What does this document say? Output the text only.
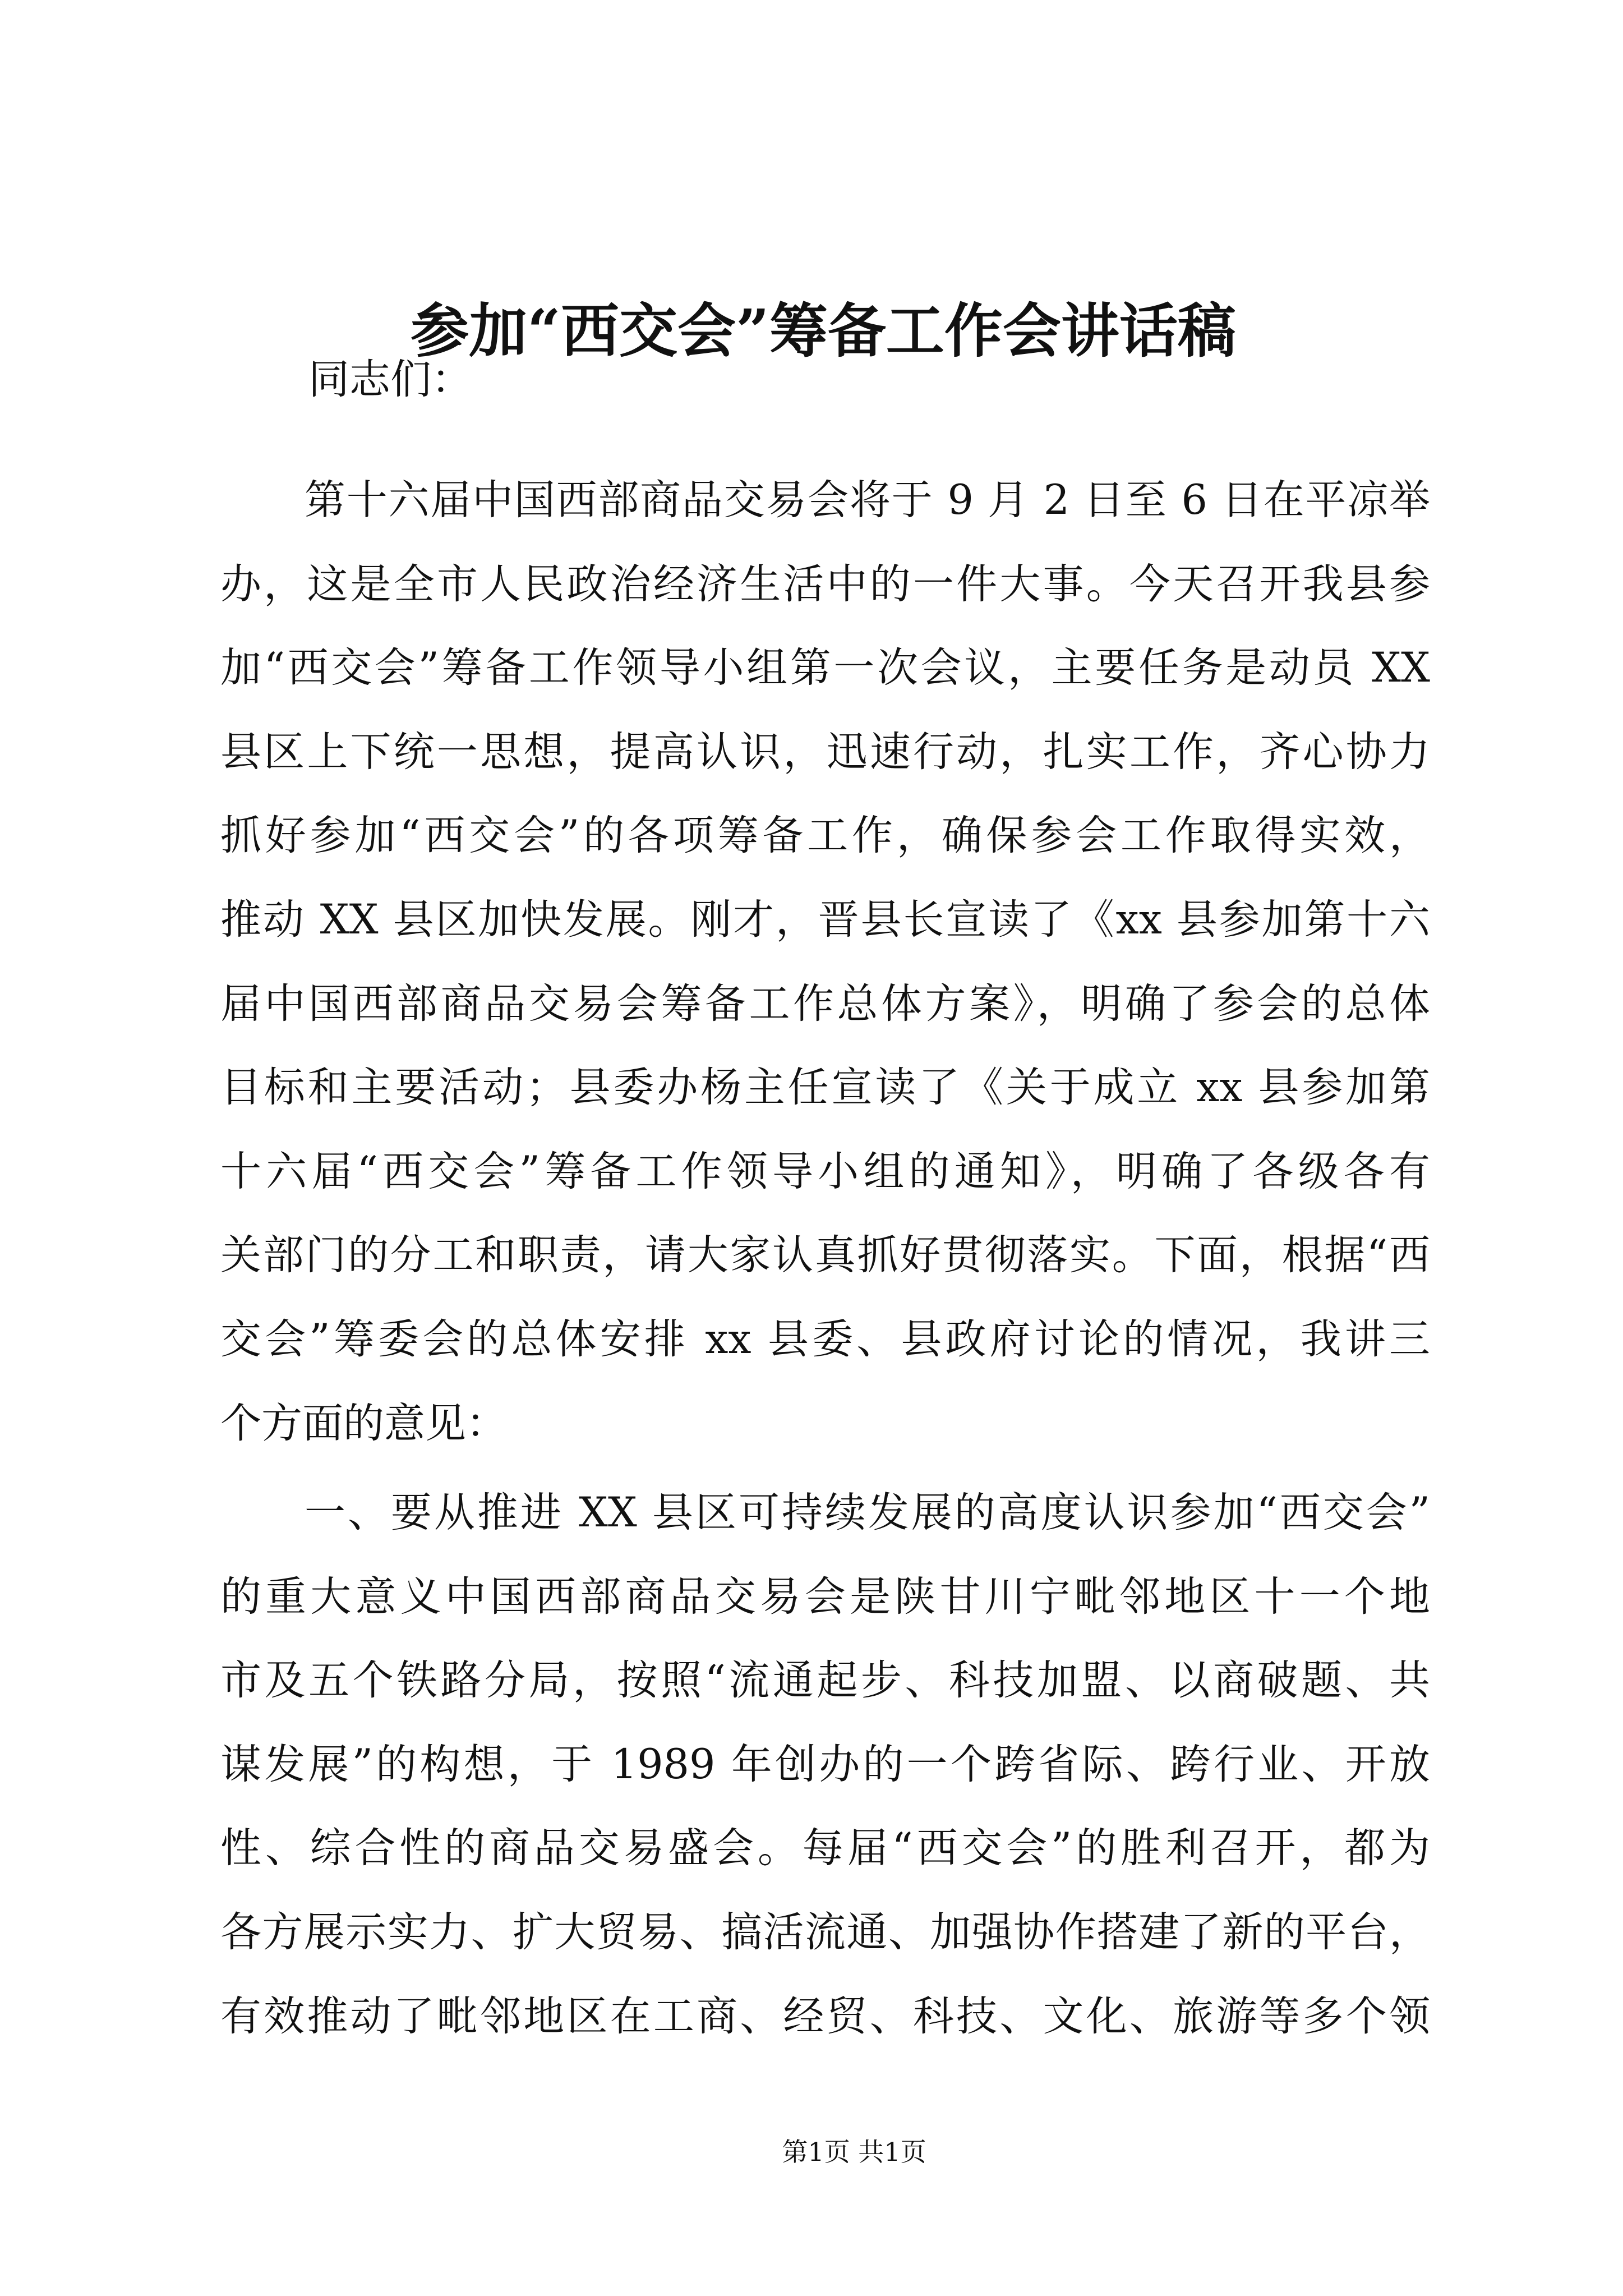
参加“西交会”筹备工作会讲话稿
同志们：
第十六届中国西部商品交易会将于 9 月 2 日至 6 日在平凉举
办，这是全市人民政治经济生活中的一件大事。今天召开我县参
加“西交会”筹备工作领导小组第一次会议，主要任务是动员 XX
县区上下统一思想，提高认识，迅速行动，扎实工作，齐心协力
抓好参加“西交会”的各项筹备工作，确保参会工作取得实效，
推动 XX 县区加快发展。刚才，晋县长宣读了《xx 县参加第十六
届中国西部商品交易会筹备工作总体方案》，明确了参会的总体
目标和主要活动；县委办杨主任宣读了《关于成立 xx 县参加第
十六届“西交会”筹备工作领导小组的通知》，明确了各级各有
关部门的分工和职责，请大家认真抓好贯彻落实。下面，根据“西
交会”筹委会的总体安排 xx 县委、县政府讨论的情况，我讲三
个方面的意见：
一、要从推进 XX 县区可持续发展的高度认识参加“西交会”
的重大意义中国西部商品交易会是陕甘川宁毗邻地区十一个地
市及五个铁路分局，按照“流通起步、科技加盟、以商破题、共
谋发展”的构想，于 1989 年创办的一个跨省际、跨行业、开放
性、综合性的商品交易盛会。每届“西交会”的胜利召开，都为
各方展示实力、扩大贸易、搞活流通、加强协作搭建了新的平台，
有效推动了毗邻地区在工商、经贸、科技、文化、旅游等多个领
第1页 共1页
